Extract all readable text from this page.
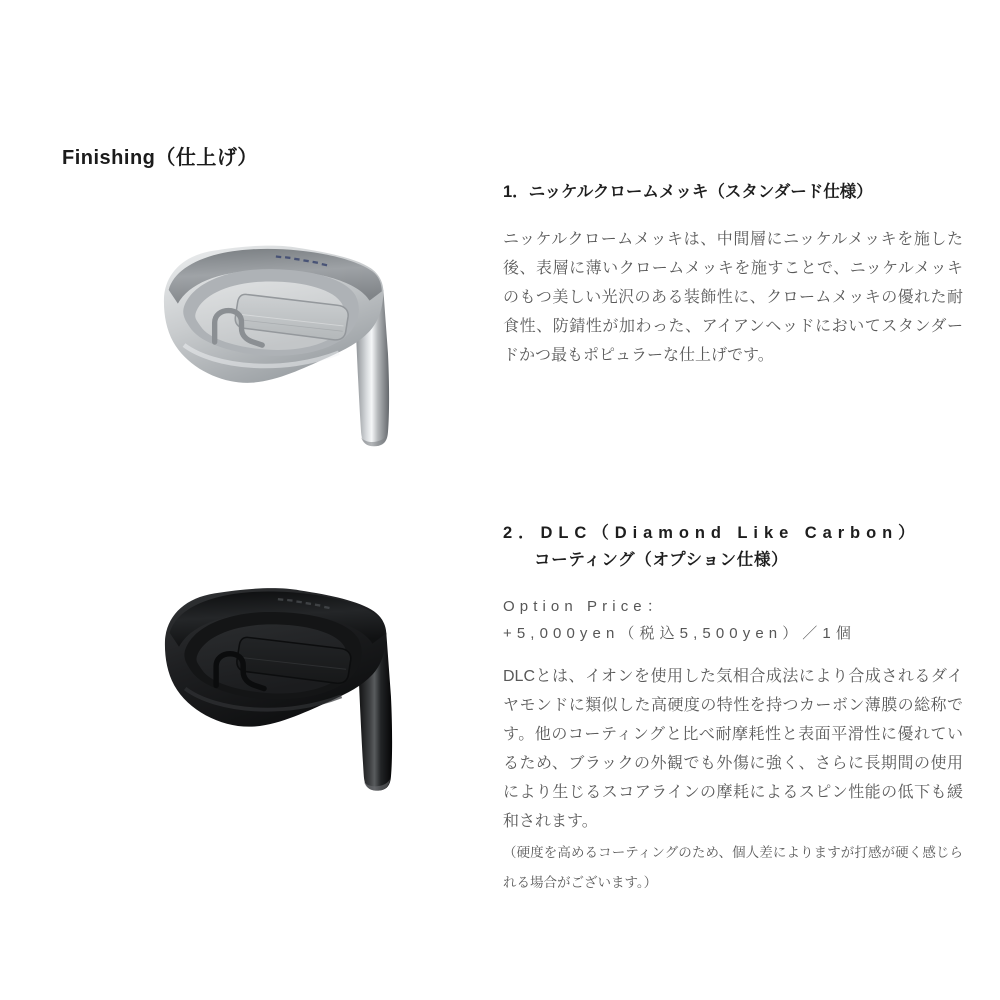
Finishing（仕上げ）
1．ニッケルクロームメッキ（スタンダード仕様）

ニッケルクロームメッキは、中間層にニッケルメッキを施した後、表層に薄いクロームメッキを施すことで、ニッケルメッキのもつ美しい光沢のある装飾性に、クロームメッキの優れた耐食性、防錆性が加わった、アイアンヘッドにおいてスタンダードかつ最もポピュラーな仕上げです。

2．DLC（Diamond Like Carbon）
コーティング（オプション仕様）
Option Price：
+5,000yen（税込5,500yen）／1個

DLCとは、イオンを使用した気相合成法により合成されるダイヤモンドに類似した高硬度の特性を持つカーボン薄膜の総称です。他のコーティングと比べ耐摩耗性と表面平滑性に優れているため、ブラックの外観でも外傷に強く、さらに長期間の使用により生じるスコアラインの摩耗によるスピン性能の低下も緩和されます。

（硬度を高めるコーティングのため、個人差によりますが打感が硬く感じられる場合がございます。）
